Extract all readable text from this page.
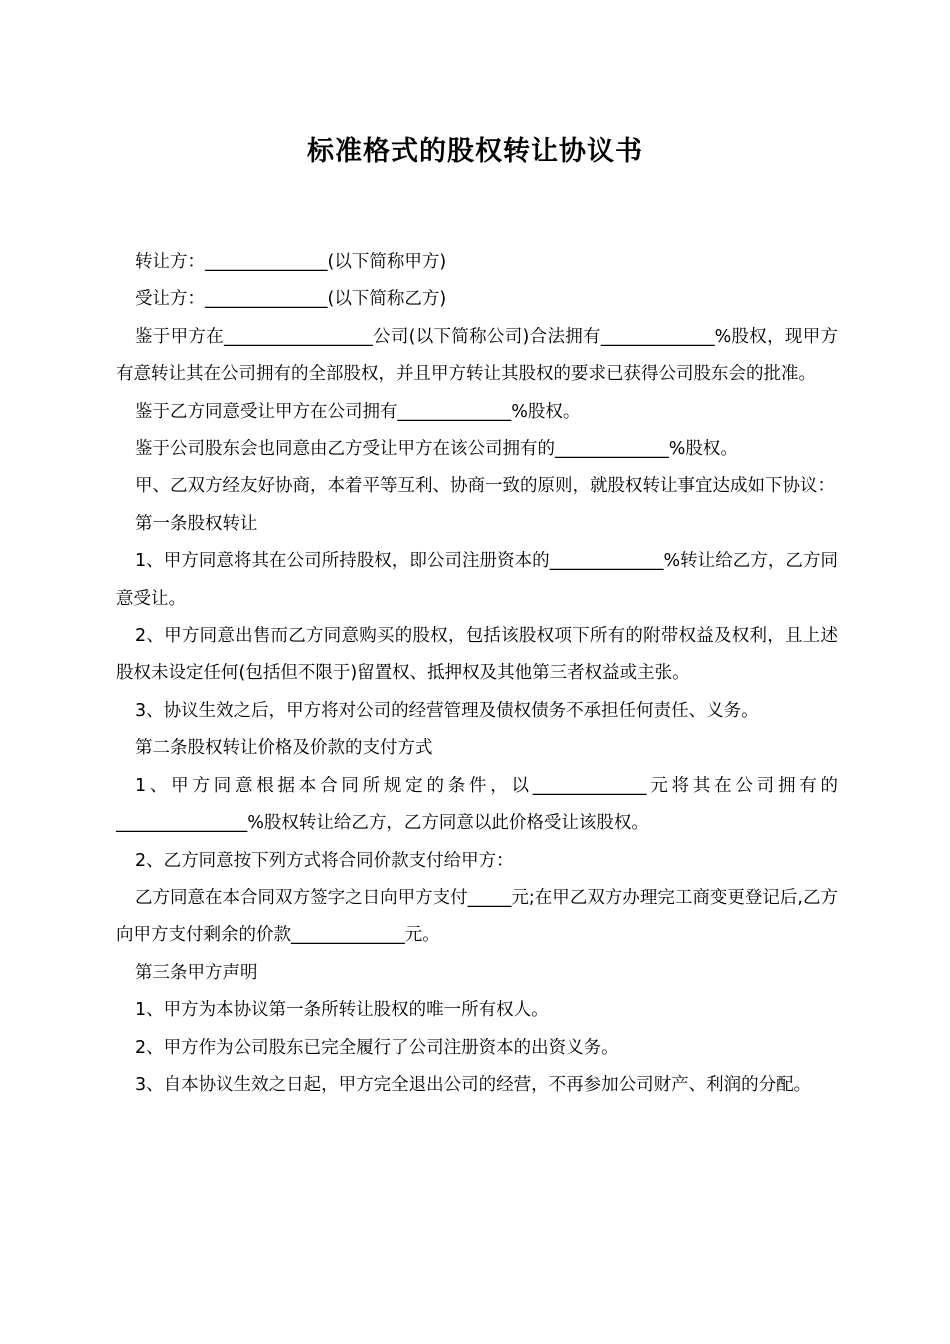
标准格式的股权转让协议书

转让方：______________(以下简称甲方)

受让方：______________(以下简称乙方)

鉴于甲方在_________________公司(以下简称公司)合法拥有_____________%股权，现甲方有意转让其在公司拥有的全部股权，并且甲方转让其股权的要求已获得公司股东会的批准。

鉴于乙方同意受让甲方在公司拥有_____________%股权。

鉴于公司股东会也同意由乙方受让甲方在该公司拥有的_____________%股权。

甲、乙双方经友好协商，本着平等互利、协商一致的原则，就股权转让事宜达成如下协议：

第一条股权转让

1、甲方同意将其在公司所持股权，即公司注册资本的_____________%转让给乙方，乙方同意受让。

2、甲方同意出售而乙方同意购买的股权，包括该股权项下所有的附带权益及权利，且上述股权未设定任何(包括但不限于)留置权、抵押权及其他第三者权益或主张。

3、协议生效之后，甲方将对公司的经营管理及债权债务不承担任何责任、义务。

第二条股权转让价格及价款的支付方式

1、甲方同意根据本合同所规定的条件，以_____________元将其在公司拥有的_______________%股权转让给乙方，乙方同意以此价格受让该股权。

2、乙方同意按下列方式将合同价款支付给甲方：

乙方同意在本合同双方签字之日向甲方支付_____元;在甲乙双方办理完工商变更登记后,乙方向甲方支付剩余的价款_____________元。

第三条甲方声明

1、甲方为本协议第一条所转让股权的唯一所有权人。

2、甲方作为公司股东已完全履行了公司注册资本的出资义务。

3、自本协议生效之日起，甲方完全退出公司的经营，不再参加公司财产、利润的分配。
